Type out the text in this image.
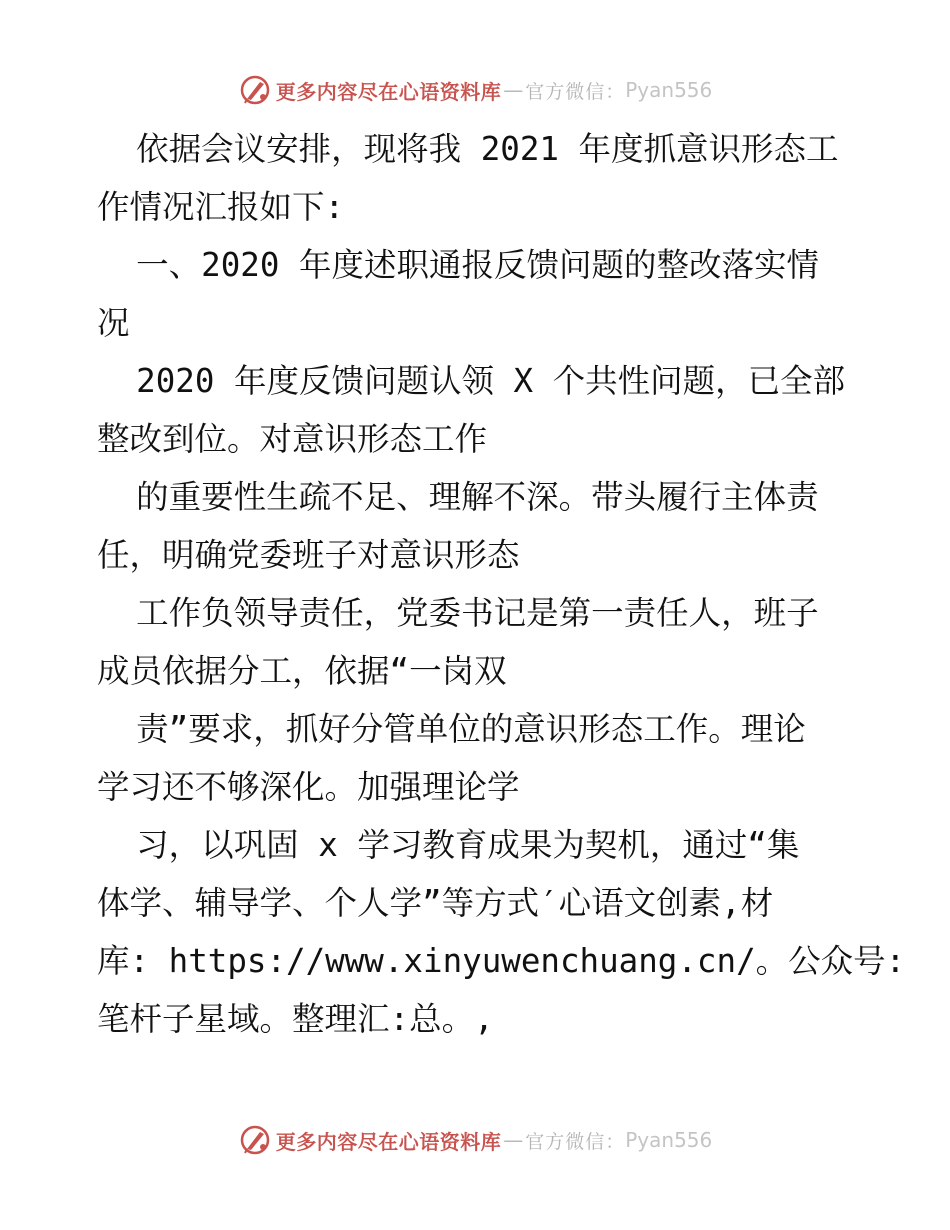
更多内容尽在心语资料库 — 官方微信： Pyan556
依据会议安排，现将我 2021 年度抓意识形态工
作情况汇报如下:
一、2020 年度述职通报反馈问题的整改落实情
况
2020 年度反馈问题认领 X 个共性问题，已全部
整改到位。对意识形态工作
的重要性生疏不足、理解不深。带头履行主体责
任，明确党委班子对意识形态
工作负领导责任，党委书记是第一责任人，班子
成员依据分工，依据“一岗双
责”要求，抓好分管单位的意识形态工作。理论
学习还不够深化。加强理论学
习，以巩固 x 学习教育成果为契机，通过“集
体学、辅导学、个人学”等方式′心语文创素,材
库: https://www.xinyuwenchuang.cn/。公众号:
笔杆子星域。整理汇:总。,
更多内容尽在心语资料库 — 官方微信： Pyan556
